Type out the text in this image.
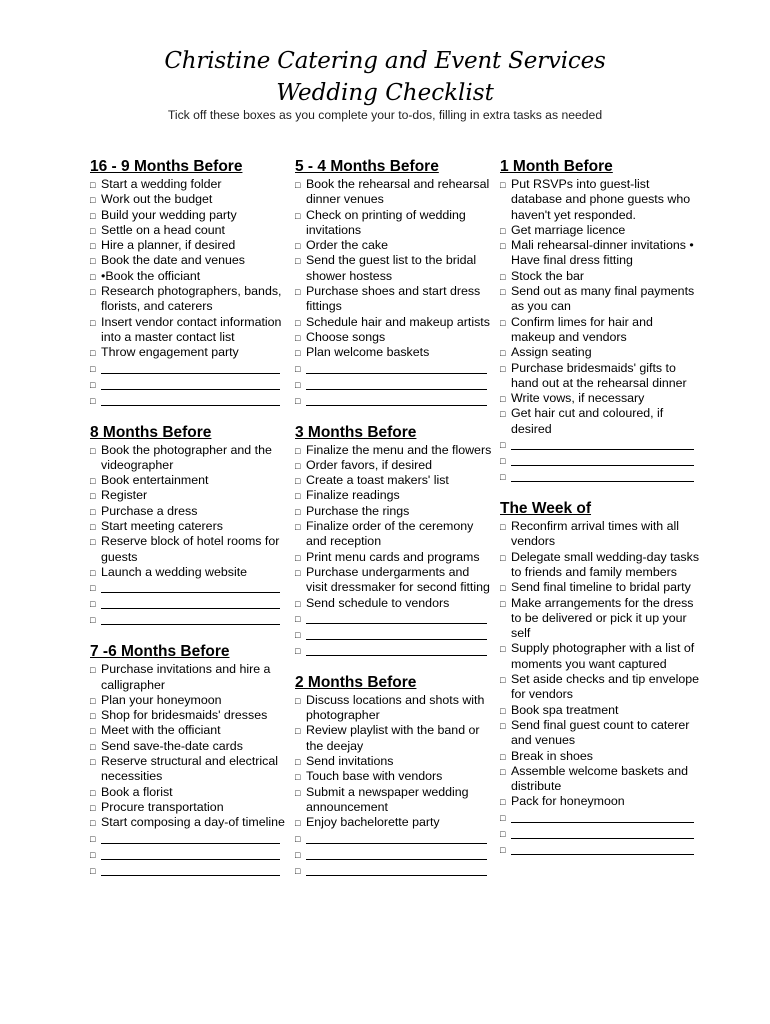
Christine Catering and Event Services
Wedding Checklist
Tick off these boxes as you complete your to-dos, filling in extra tasks as needed
16 - 9 Months Before
□ Start a wedding folder
□ Work out the budget
□ Build your wedding party
□ Settle on a head count
□ Hire a planner, if desired
□ Book the date and venues
□ •Book the officiant
□ Research photographers, bands, florists, and caterers
□ Insert vendor contact information into a master contact list
□ Throw engagement party
□
□
□
8 Months Before
□ Book the photographer and the videographer
□ Book entertainment
□ Register
□ Purchase a dress
□ Start meeting caterers
□ Reserve block of hotel rooms for guests
□ Launch a wedding website
□
□
□
7 -6 Months Before
□ Purchase invitations and hire a calligrapher
□ Plan your honeymoon
□ Shop for bridesmaids' dresses
□ Meet with the officiant
□ Send save-the-date cards
□ Reserve structural and electrical necessities
□ Book a florist
□ Procure transportation
□ Start composing a day-of timeline
□
□
□
5 - 4 Months Before
□ Book the rehearsal and rehearsal dinner venues
□ Check on printing of wedding invitations
□ Order the cake
□ Send the guest list to the bridal shower hostess
□ Purchase shoes and start dress fittings
□ Schedule hair and makeup artists
□ Choose songs
□ Plan welcome baskets
□
□
□
3 Months Before
□ Finalize the menu and the flowers
□ Order favors, if desired
□ Create a toast makers' list
□ Finalize readings
□ Purchase the rings
□ Finalize order of the ceremony and reception
□ Print menu cards and programs
□ Purchase undergarments and visit dressmaker for second fitting
□ Send schedule to vendors
□
□
□
2 Months Before
□ Discuss locations and shots with photographer
□ Review playlist with the band or the deejay
□ Send invitations
□ Touch base with vendors
□ Submit a newspaper wedding announcement
□ Enjoy bachelorette party
□
□
□
1 Month Before
□ Put RSVPs into guest-list database and phone guests who haven't yet responded.
□ Get marriage licence
□ Mali rehearsal-dinner invitations • Have final dress fitting
□ Stock the bar
□ Send out as many final payments as you can
□ Confirm limes for hair and makeup and vendors
□ Assign seating
□ Purchase bridesmaids' gifts to hand out at the rehearsal dinner
□ Write vows, if necessary
□ Get hair cut and coloured, if desired
□
□
□
The Week of
□ Reconfirm arrival times with all vendors
□ Delegate small wedding-day tasks to friends and family members
□ Send final timeline to bridal party
□ Make arrangements for the dress to be delivered or pick it up your self
□ Supply photographer with a list of moments you want captured
□ Set aside checks and tip envelope for vendors
□ Book spa treatment
□ Send final guest count to caterer and venues
□ Break in shoes
□ Assemble welcome baskets and distribute
□ Pack for honeymoon
□
□
□
